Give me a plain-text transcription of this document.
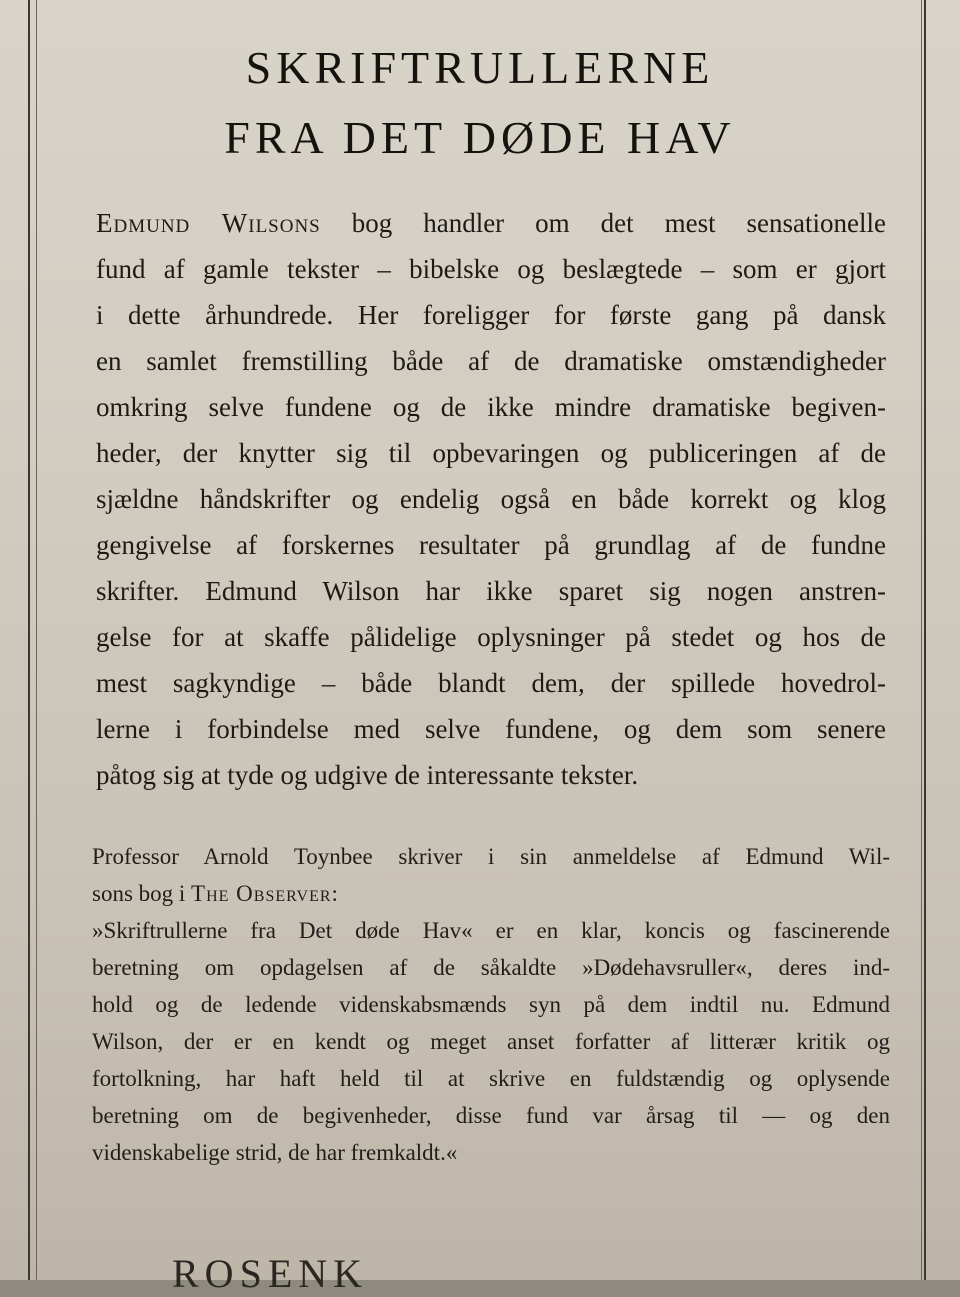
SKRIFTRULLERNE
FRA DET DØDE HAV
Edmund Wilsons bog handler om det mest sensationelle
fund af gamle tekster – bibelske og beslægtede – som er gjort
i dette århundrede. Her foreligger for første gang på dansk
en samlet fremstilling både af de dramatiske omstændigheder
omkring selve fundene og de ikke mindre dramatiske begiven-
heder, der knytter sig til opbevaringen og publiceringen af de
sjældne håndskrifter og endelig også en både korrekt og klog
gengivelse af forskernes resultater på grundlag af de fundne
skrifter. Edmund Wilson har ikke sparet sig nogen anstren-
gelse for at skaffe pålidelige oplysninger på stedet og hos de
mest sagkyndige – både blandt dem, der spillede hovedrol-
lerne i forbindelse med selve fundene, og dem som senere
påtog sig at tyde og udgive de interessante tekster.
Professor Arnold Toynbee skriver i sin anmeldelse af Edmund Wil-
sons bog i The Observer:
»Skriftrullerne fra Det døde Hav« er en klar, koncis og fascinerende
beretning om opdagelsen af de såkaldte »Dødehavsruller«, deres ind-
hold og de ledende videnskabsmænds syn på dem indtil nu. Edmund
Wilson, der er en kendt og meget anset forfatter af litterær kritik og
fortolkning, har haft held til at skrive en fuldstændig og oplysende
beretning om de begivenheder, disse fund var årsag til — og den
videnskabelige strid, de har fremkaldt.«
ROSENK
